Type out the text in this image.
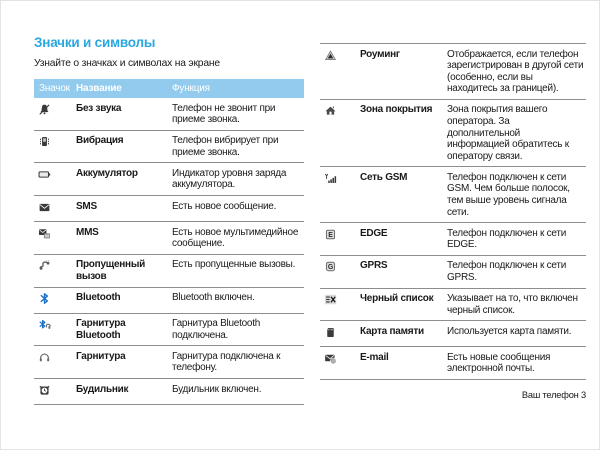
Значки и символы

Узнайте о значках и символах на экране

Значок	Название	Функция

	Без звука	Телефон не звонит при приеме звонка.

	Вибрация	Телефон вибрирует при приеме звонка.

	Аккумулятор	Индикатор уровня заряда аккумулятора.

	SMS	Есть новое сообщение.

M	MMS	Есть новое мультимедийное сообщение.

	Пропущенный вызов	Есть пропущенные вызовы.

	Bluetooth	Bluetooth включен.

	Гарнитура Bluetooth	Гарнитура Bluetooth подключена.

	Гарнитура	Гарнитура подключена к телефону.

	Будильник	Будильник включен.
	Роуминг	Отображается, если телефон зарегистрирован в другой сети (особенно, если вы находитесь за границей).

	Зона покрытия	Зона покрытия вашего оператора. За дополнительной информацией обратитесь к оператору связи.

	Сеть GSM	Телефон подключен к сети GSM. Чем больше полосок, тем выше уровень сигнала сети.

E	EDGE	Телефон подключен к сети EDGE.

G	GPRS	Телефон подключен к сети GPRS.

	Черный список	Указывает на то, что включен черный список.

	Карта памяти	Используется карта памяти.

@	E-mail	Есть новые сообщения электронной почты.
Ваш телефон 3
